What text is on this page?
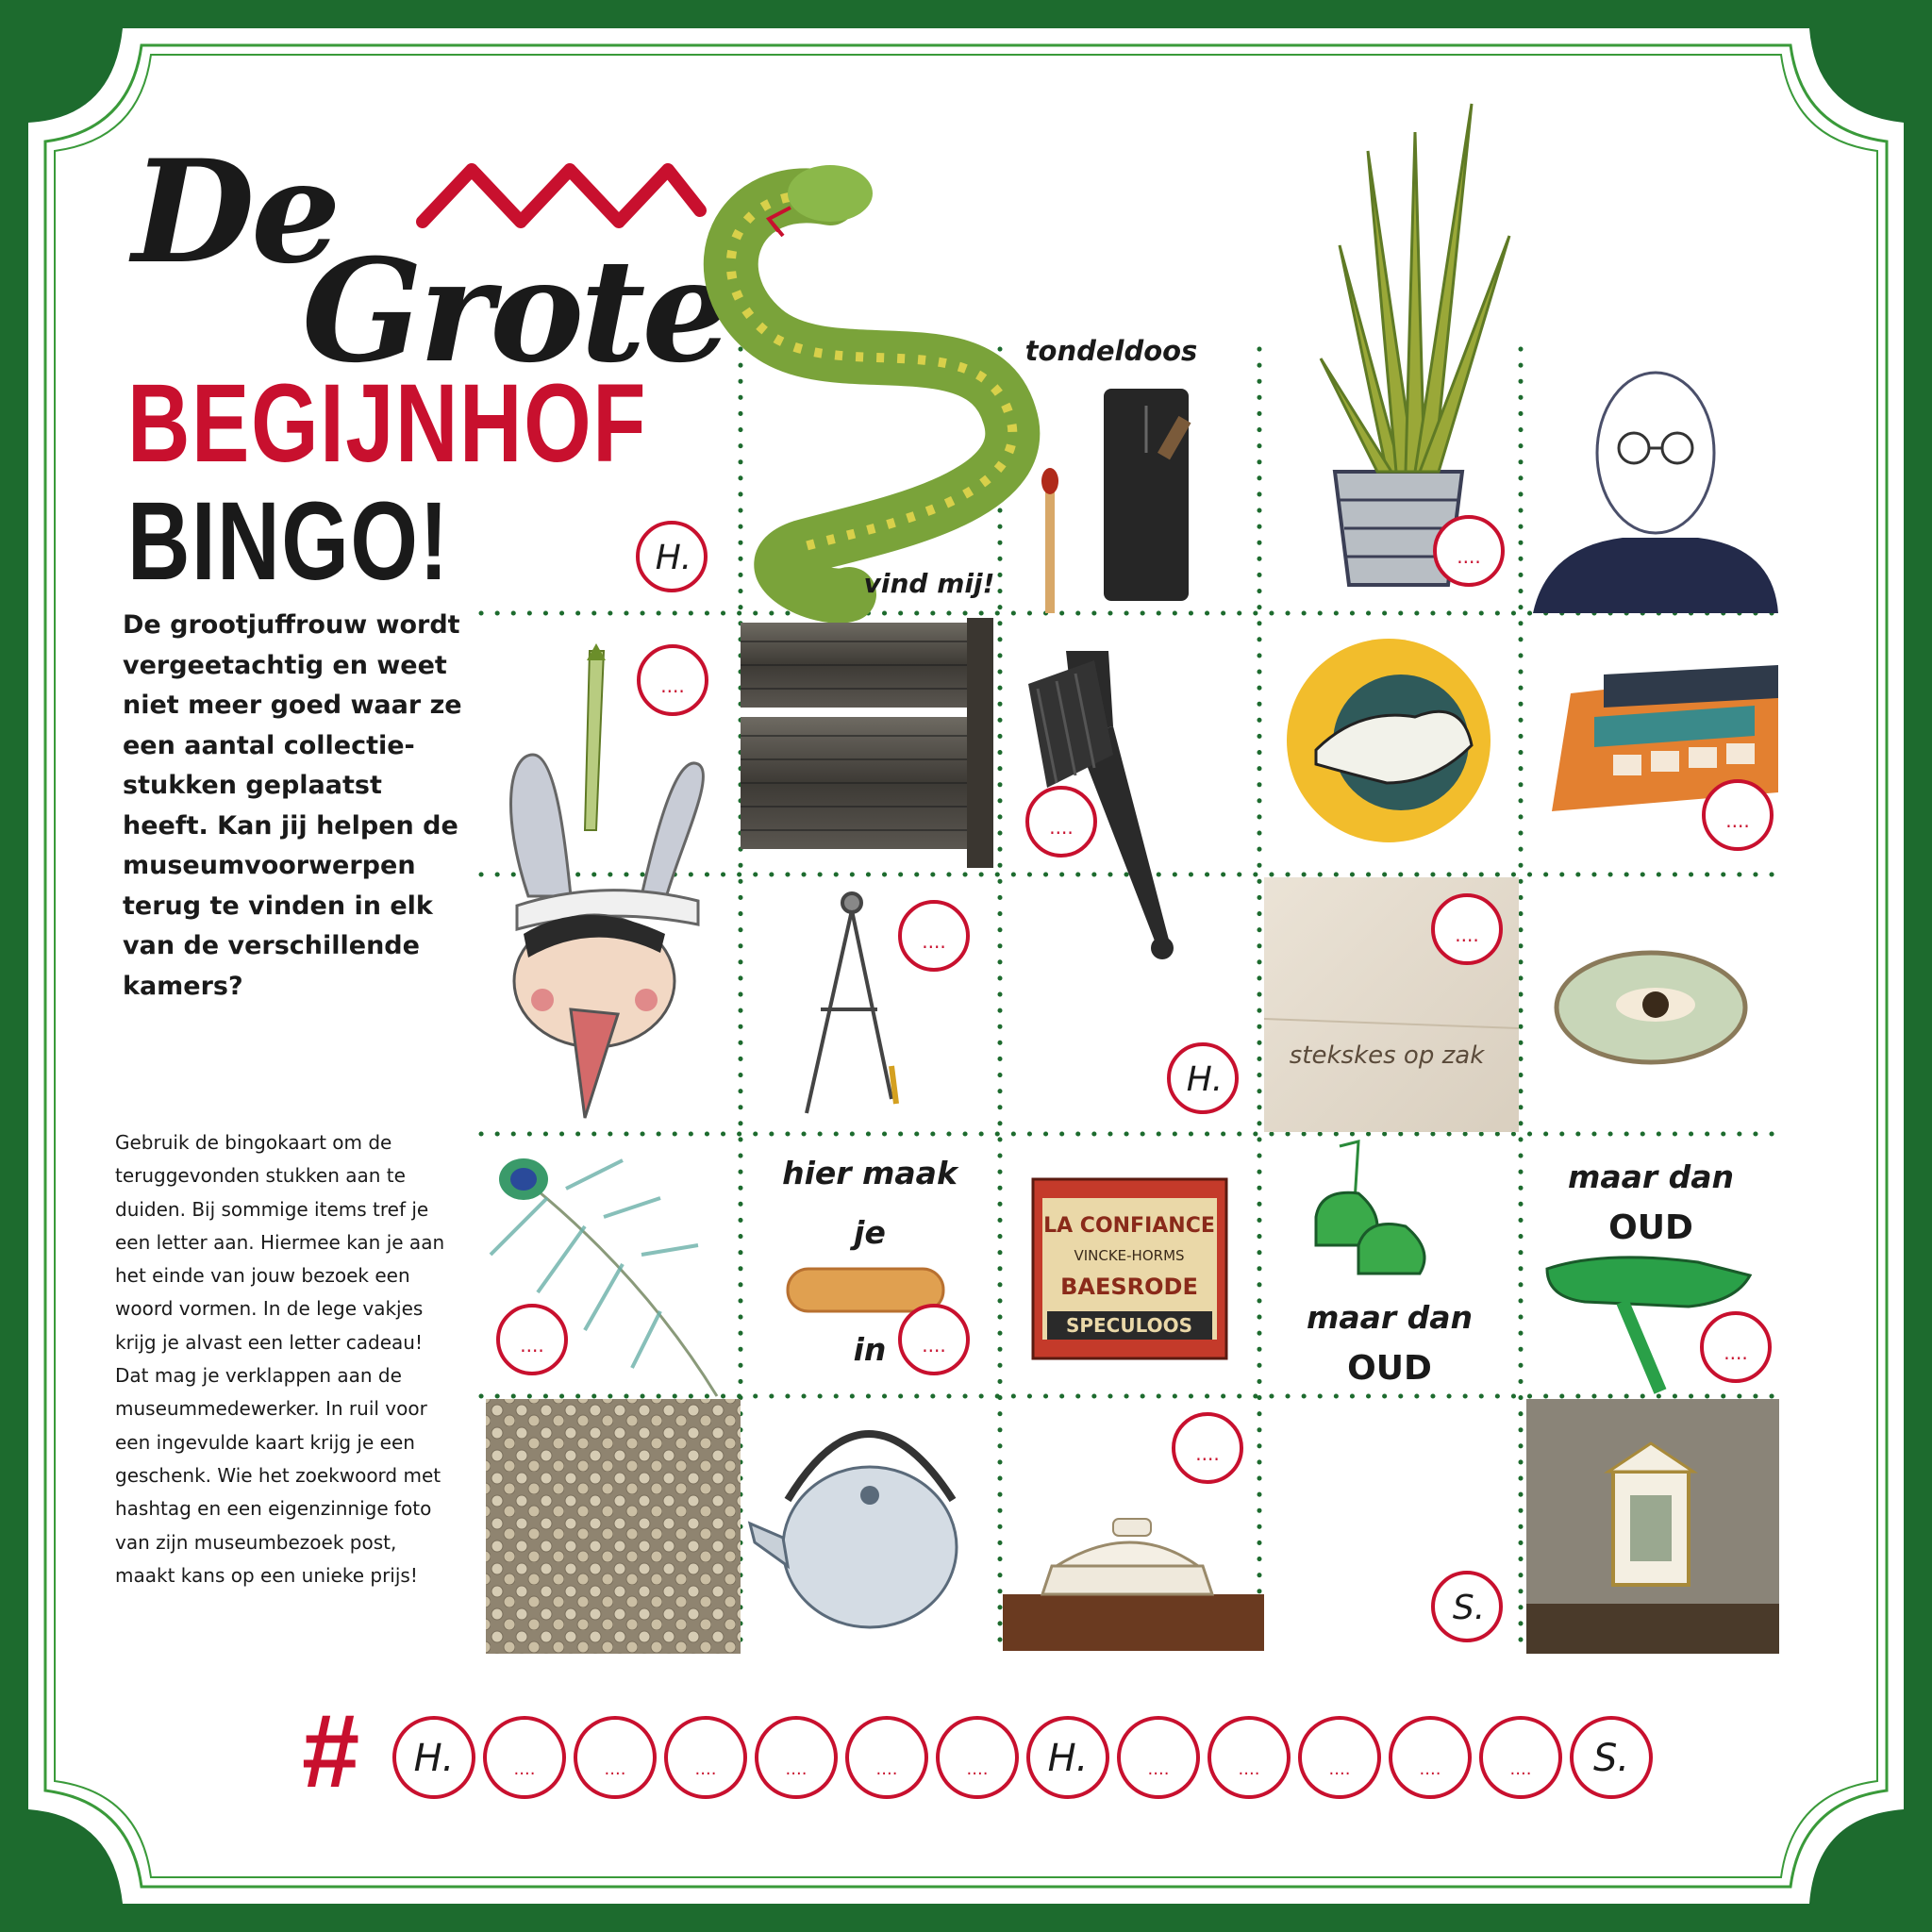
De
Grote
BEGIJNHOF
BINGO!

De grootjuffrouw wordt vergeetachtig en weet niet meer goed waar ze een aantal collectie-stukken geplaatst heeft. Kan jij helpen de museumvoorwerpen terug te vinden in elk van de verschillende kamers?

Gebruik de bingokaart om de teruggevonden stukken aan te duiden. Bij sommige items tref je een letter aan. Hiermee kan je aan het einde van jouw bezoek een woord vormen. In de lege vakjes krijg je alvast een letter cadeau! Dat mag je verklappen aan de museummedewerker. In ruil voor een ingevulde kaart krijg je een geschenk. Wie het zoekwoord met hashtag en een eigenzinnige foto van zijn museumbezoek post, maakt kans op een unieke prijs!

vind mij!
tondeldoos
stekskes op zak
hier maak
je
in
LA CONFIANCE
VINCKE-HORMS
BAESRODE
SPECULOOS	maar dan
OUD
maar dan
OUD
....
....
....	....
....
....
....	....	....
....
H.
H.
S.
# H.	....	....	....	....	....	.... H.	....	....	....	....	.... S.
